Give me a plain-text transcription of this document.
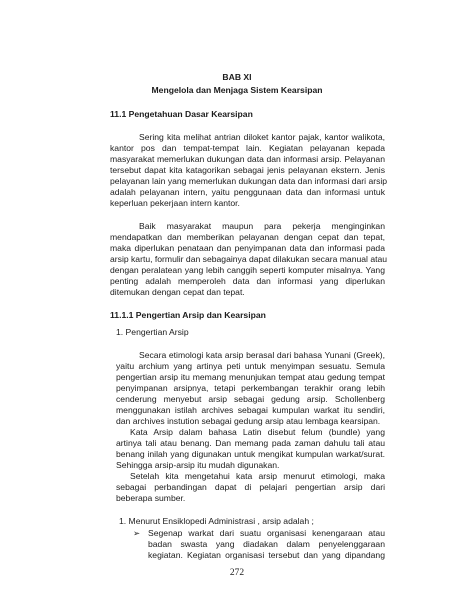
BAB XI
Mengelola dan Menjaga Sistem Kearsipan
11.1 Pengetahuan Dasar Kearsipan
Sering kita melihat antrian diloket kantor pajak, kantor walikota,
kantor pos dan tempat-tempat lain. Kegiatan pelayanan kepada
masyarakat memerlukan dukungan data dan informasi arsip. Pelayanan
tersebut dapat kita katagorikan sebagai jenis pelayanan ekstern. Jenis
pelayanan lain yang memerlukan dukungan data dan informasi dari arsip
adalah pelayanan intern, yaitu penggunaan data dan informasi untuk
keperluan pekerjaan intern kantor.
Baik masyarakat maupun para pekerja menginginkan
mendapatkan dan memberikan pelayanan dengan cepat dan tepat,
maka diperlukan penataan dan penyimpanan data dan informasi pada
arsip kartu, formulir dan sebagainya dapat dilakukan secara manual atau
dengan peralatean yang lebih canggih seperti komputer misalnya. Yang
penting adalah memperoleh data dan informasi yang diperlukan
ditemukan dengan cepat dan tepat.
11.1.1 Pengertian Arsip dan Kearsipan
1. Pengertian Arsip
Secara etimologi kata arsip berasal dari bahasa Yunani (Greek),
yaitu archium yang artinya peti untuk menyimpan sesuatu. Semula
pengertian arsip itu memang menunjukan tempat atau gedung tempat
penyimpanan arsipnya, tetapi perkembangan terakhir orang lebih
cenderung menyebut arsip sebagai gedung arsip. Schollenberg
menggunakan istilah archives sebagai kumpulan warkat itu sendiri,
dan archives instution sebagai gedung arsip atau lembaga kearsipan.
Kata Arsip dalam bahasa Latin disebut felum (bundle) yang
artinya tali atau benang. Dan memang pada zaman dahulu tali atau
benang inilah yang digunakan untuk mengikat kumpulan warkat/surat.
Sehingga arsip-arsip itu mudah digunakan.
Setelah kita mengetahui kata arsip menurut etimologi, maka
sebagai perbandingan dapat di pelajari pengertian arsip dari
beberapa sumber.
1. Menurut Ensiklopedi Administrasi , arsip adalah ;
➢ Segenap warkat dari suatu organisasi kenengaraan atau
badan swasta yang diadakan dalam penyelenggaraan
kegiatan. Kegiatan organisasi tersebut dan yang dipandang
272
